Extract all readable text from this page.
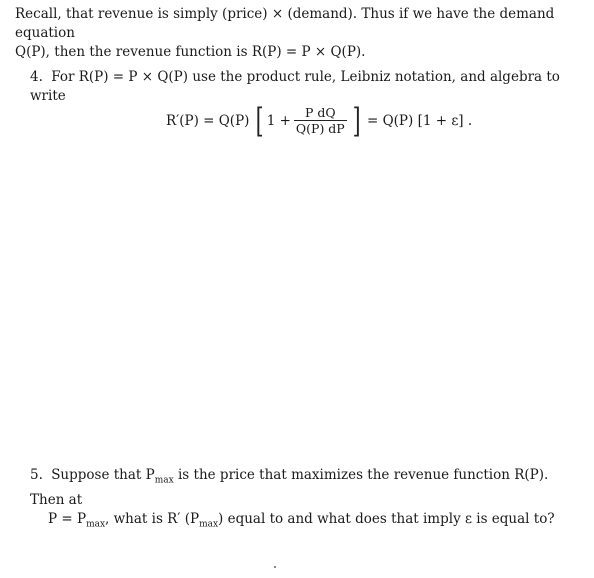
Recall, that revenue is simply (price) × (demand). Thus if we have the demand equation
Q(P), then the revenue function is R(P) = P × Q(P).
4. For R(P) = P × Q(P) use the product rule, Leibniz notation, and algebra to write
R′(P) = Q(P) [ $1 + \frac{\text{P dQ}}{Q(P) dP}$ ] = Q(P) [1 + ε] .
5. Suppose that $P_{max}$ is the price that maximizes the revenue function R(P). Then at
$P = P_{max}$, what is R′ $(P_{max})$ equal to and what does that imply ε is equal to?
